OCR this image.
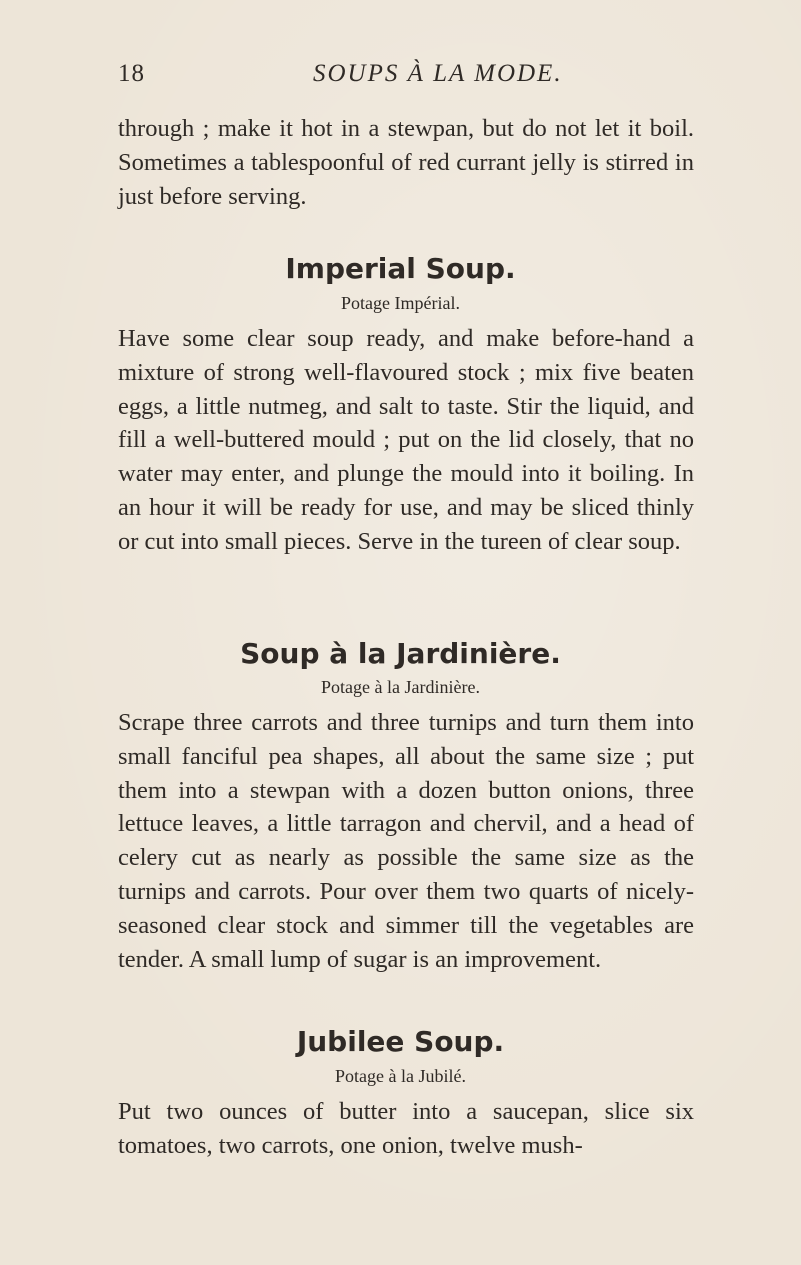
18	SOUPS À LA MODE.

through ; make it hot in a stewpan, but do not let it boil. Sometimes a tablespoonful of red currant jelly is stirred in just before serving.

Imperial Soup.
Potage Impérial.

Have some clear soup ready, and make before-hand a mixture of strong well-flavoured stock ; mix five beaten eggs, a little nutmeg, and salt to taste. Stir the liquid, and fill a well-buttered mould ; put on the lid closely, that no water may enter, and plunge the mould into it boiling. In an hour it will be ready for use, and may be sliced thinly or cut into small pieces. Serve in the tureen of clear soup.

Soup à la Jardinière.
Potage à la Jardinière.

Scrape three carrots and three turnips and turn them into small fanciful pea shapes, all about the same size ; put them into a stewpan with a dozen button onions, three lettuce leaves, a little tarragon and chervil, and a head of celery cut as nearly as possible the same size as the turnips and carrots. Pour over them two quarts of nicely-seasoned clear stock and simmer till the vegetables are tender. A small lump of sugar is an improvement.

Jubilee Soup.
Potage à la Jubilé.

Put two ounces of butter into a saucepan, slice six tomatoes, two carrots, one onion, twelve mush-
